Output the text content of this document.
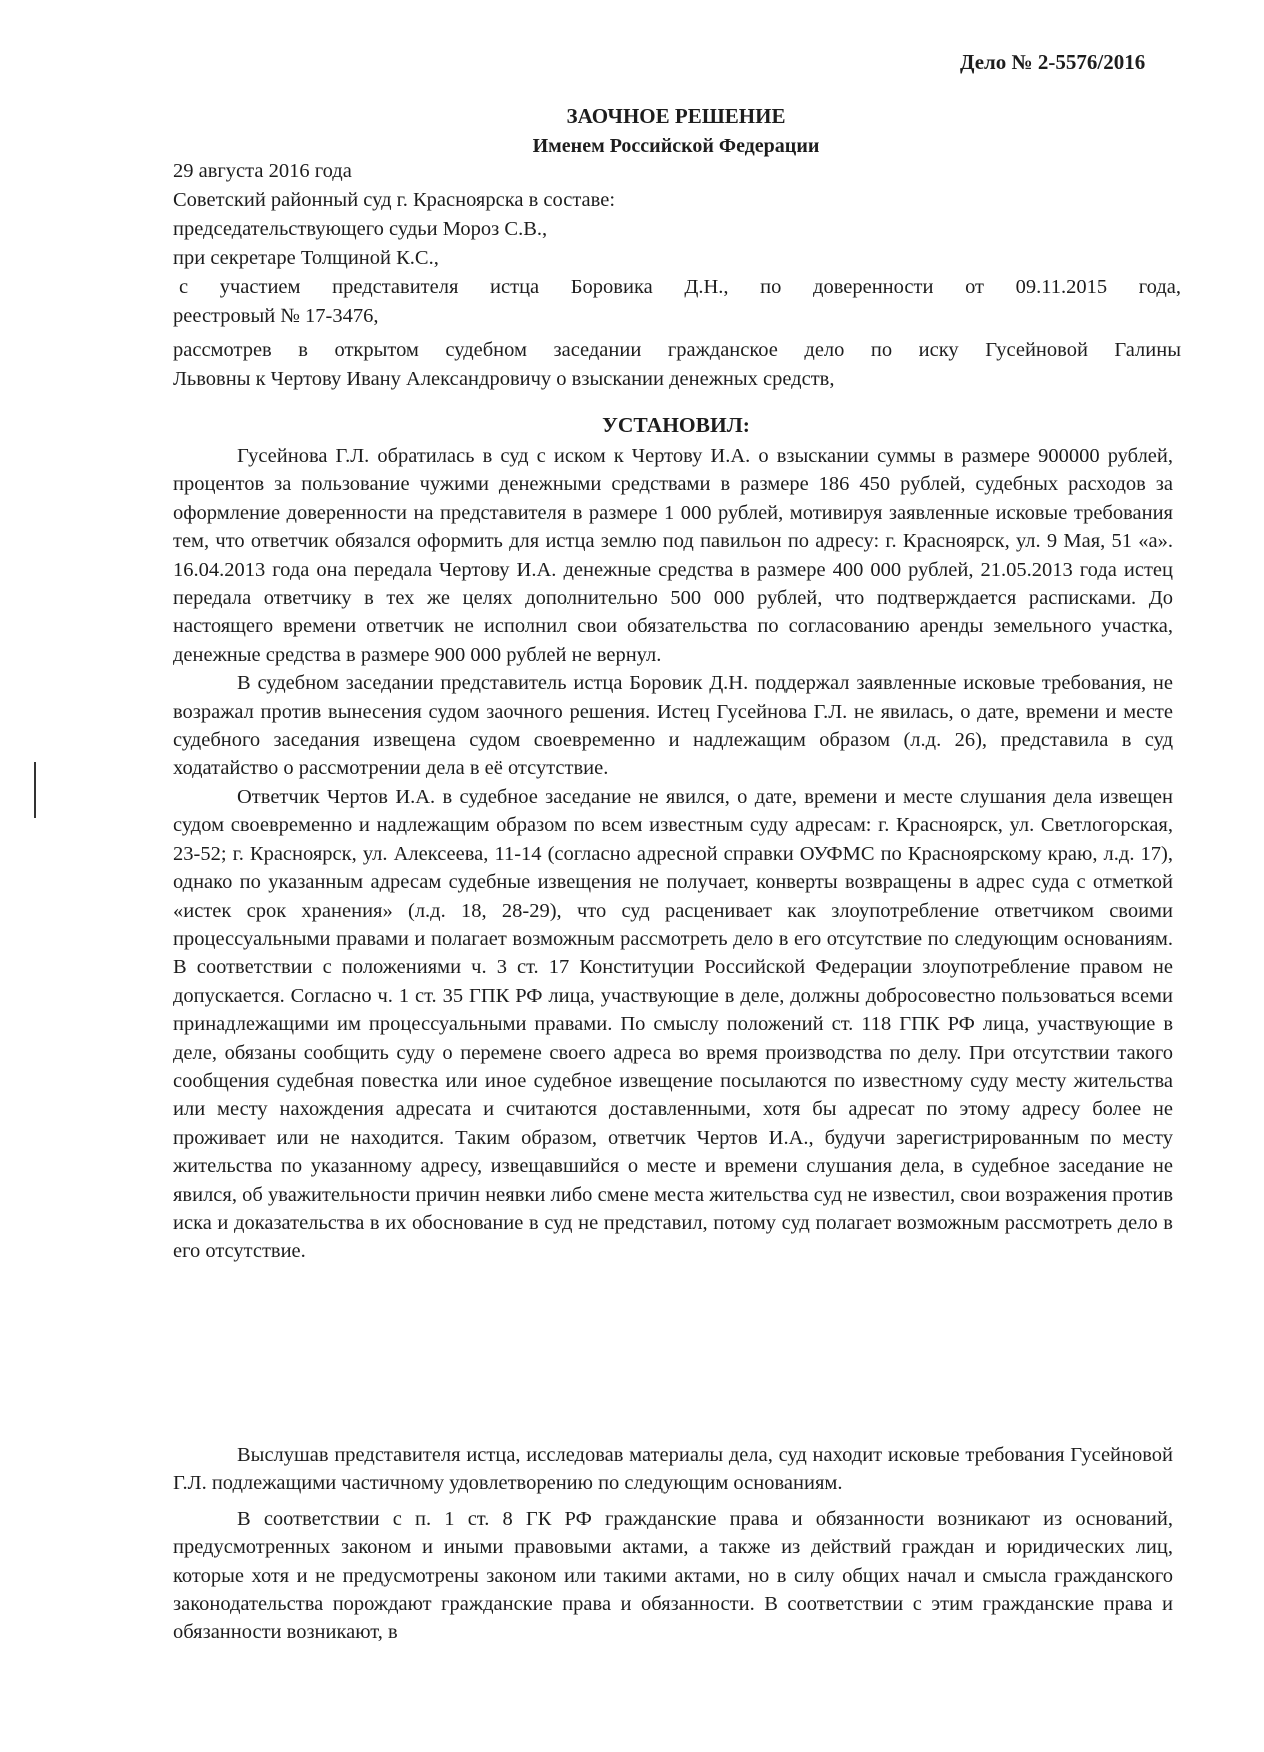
Дело № 2-5576/2016
ЗАОЧНОЕ РЕШЕНИЕ
Именем Российской Федерации
29 августа 2016 года
Советский районный суд г. Красноярска в составе:
председательствующего судьи Мороз С.В.,
при секретаре Толщиной К.С.,
с участием представителя истца Боровика Д.Н., по доверенности от 09.11.2015 года,
реестровый № 17-3476,
рассмотрев в открытом судебном заседании гражданское дело по иску Гусейновой Галины
Львовны к Чертову Ивану Александровичу о взыскании денежных средств,
УСТАНОВИЛ:

Гусейнова Г.Л. обратилась в суд с иском к Чертову И.А. о взыскании суммы в размере 900000 рублей, процентов за пользование чужими денежными средствами в размере 186 450 рублей, судебных расходов за оформление доверенности на представителя в размере 1 000 рублей, мотивируя заявленные исковые требования тем, что ответчик обязался оформить для истца землю под павильон по адресу: г. Красноярск, ул. 9 Мая, 51 «а». 16.04.2013 года она передала Чертову И.А. денежные средства в размере 400 000 рублей, 21.05.2013 года истец передала ответчику в тех же целях дополнительно 500 000 рублей, что подтверждается расписками. До настоящего времени ответчик не исполнил свои обязательства по согласованию аренды земельного участка, денежные средства в размере 900 000 рублей не вернул.

В судебном заседании представитель истца Боровик Д.Н. поддержал заявленные исковые требования, не возражал против вынесения судом заочного решения. Истец Гусейнова Г.Л. не явилась, о дате, времени и месте судебного заседания извещена судом своевременно и надлежащим образом (л.д. 26), представила в суд ходатайство о рассмотрении дела в её отсутствие.

Ответчик Чертов И.А. в судебное заседание не явился, о дате, времени и месте слушания дела извещен судом своевременно и надлежащим образом по всем известным суду адресам: г. Красноярск, ул. Светлогорская, 23-52; г. Красноярск, ул. Алексеева, 11-14 (согласно адресной справки ОУФМС по Красноярскому краю, л.д. 17), однако по указанным адресам судебные извещения не получает, конверты возвращены в адрес суда с отметкой «истек срок хранения» (л.д. 18, 28-29), что суд расценивает как злоупотребление ответчиком своими процессуальными правами и полагает возможным рассмотреть дело в его отсутствие по следующим основаниям. В соответствии с положениями ч. 3 ст. 17 Конституции Российской Федерации злоупотребление правом не допускается. Согласно ч. 1 ст. 35 ГПК РФ лица, участвующие в деле, должны добросовестно пользоваться всеми принадлежащими им процессуальными правами. По смыслу положений ст. 118 ГПК РФ лица, участвующие в деле, обязаны сообщить суду о перемене своего адреса во время производства по делу. При отсутствии такого сообщения судебная повестка или иное судебное извещение посылаются по известному суду месту жительства или месту нахождения адресата и считаются доставленными, хотя бы адресат по этому адресу более не проживает или не находится. Таким образом, ответчик Чертов И.А., будучи зарегистрированным по месту жительства по указанному адресу, извещавшийся о месте и времени слушания дела, в судебное заседание не явился, об уважительности причин неявки либо смене места жительства суд не известил, свои возражения против иска и доказательства в их обоснование в суд не представил, потому суд полагает возможным рассмотреть дело в его отсутствие.

Выслушав представителя истца, исследовав материалы дела, суд находит исковые требования Гусейновой Г.Л. подлежащими частичному удовлетворению по следующим основаниям.

В соответствии с п. 1 ст. 8 ГК РФ гражданские права и обязанности возникают из оснований, предусмотренных законом и иными правовыми актами, а также из действий граждан и юридических лиц, которые хотя и не предусмотрены законом или такими актами, но в силу общих начал и смысла гражданского законодательства порождают гражданские права и обязанности. В соответствии с этим гражданские права и обязанности возникают, в
